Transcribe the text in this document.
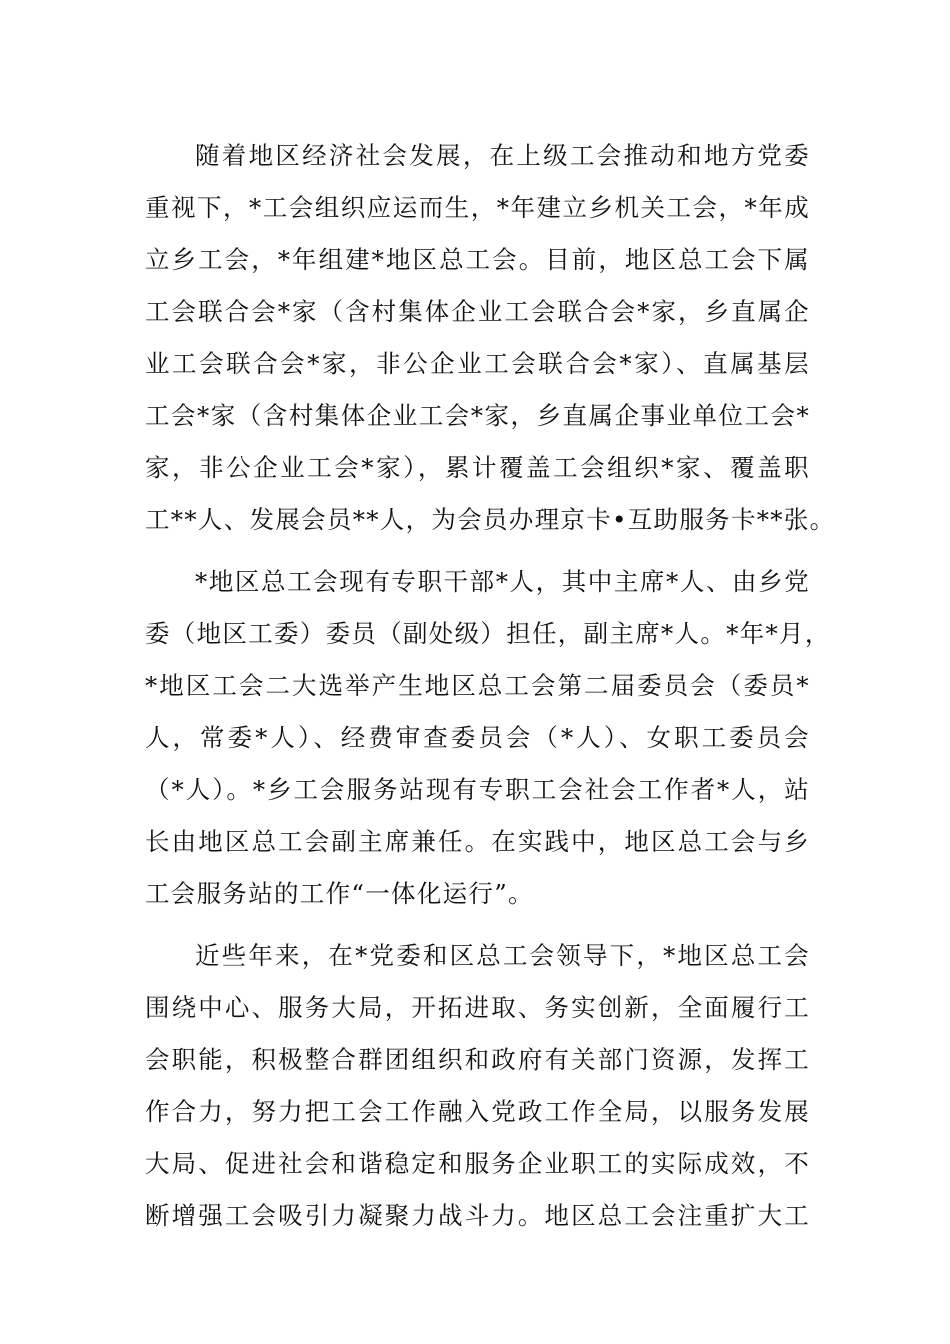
随着地区经济社会发展，在上级工会推动和地方党委
重视下，*工会组织应运而生，*年建立乡机关工会，*年成
立乡工会，*年组建*地区总工会。目前，地区总工会下属
工会联合会*家（含村集体企业工会联合会*家，乡直属企
业工会联合会*家，非公企业工会联合会*家）、直属基层
工会*家（含村集体企业工会*家，乡直属企事业单位工会*
家，非公企业工会*家），累计覆盖工会组织*家、覆盖职
工**人、发展会员**人，为会员办理京卡•互助服务卡**张。
*地区总工会现有专职干部*人，其中主席*人、由乡党
委（地区工委）委员（副处级）担任，副主席*人。*年*月，
*地区工会二大选举产生地区总工会第二届委员会（委员*
人，常委*人）、经费审查委员会（*人）、女职工委员会
（*人）。*乡工会服务站现有专职工会社会工作者*人，站
长由地区总工会副主席兼任。在实践中，地区总工会与乡
工会服务站的工作“一体化运行”。
近些年来，在*党委和区总工会领导下，*地区总工会
围绕中心、服务大局，开拓进取、务实创新，全面履行工
会职能，积极整合群团组织和政府有关部门资源，发挥工
作合力，努力把工会工作融入党政工作全局，以服务发展
大局、促进社会和谐稳定和服务企业职工的实际成效，不
断增强工会吸引力凝聚力战斗力。地区总工会注重扩大工
